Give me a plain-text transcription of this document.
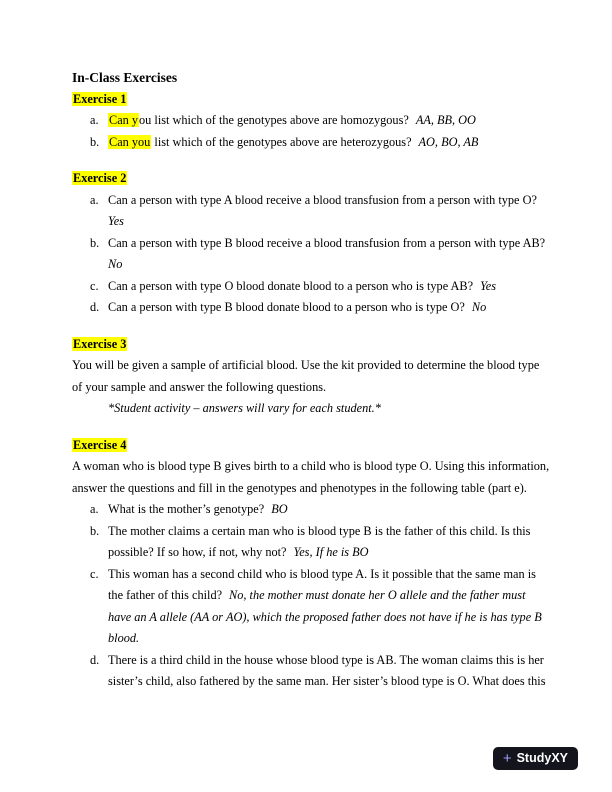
In-Class Exercises

Exercise 1
a. Can you list which of the genotypes above are homozygous? AA, BB, OO
b. Can you list which of the genotypes above are heterozygous? AO, BO, AB
Exercise 2
a. Can a person with type A blood receive a blood transfusion from a person with type O?
Yes
b. Can a person with type B blood receive a blood transfusion from a person with type AB?
No
c. Can a person with type O blood donate blood to a person who is type AB? Yes
d. Can a person with type B blood donate blood to a person who is type O? No
Exercise 3

You will be given a sample of artificial blood. Use the kit provided to determine the blood type of your sample and answer the following questions.

*Student activity – answers will vary for each student.*

Exercise 4

A woman who is blood type B gives birth to a child who is blood type O. Using this information, answer the questions and fill in the genotypes and phenotypes in the following table (part e).

a. What is the mother’s genotype? BO
b. The mother claims a certain man who is blood type B is the father of this child. Is this possible? If so how, if not, why not? Yes, If he is BO
c. This woman has a second child who is blood type A. Is it possible that the same man is the father of this child? No, the mother must donate her O allele and the father must have an A allele (AA or AO), which the proposed father does not have if he is has type B blood.
d. There is a third child in the house whose blood type is AB. The woman claims this is her sister’s child, also fathered by the same man. Her sister’s blood type is O. What does this
+ StudyXY
